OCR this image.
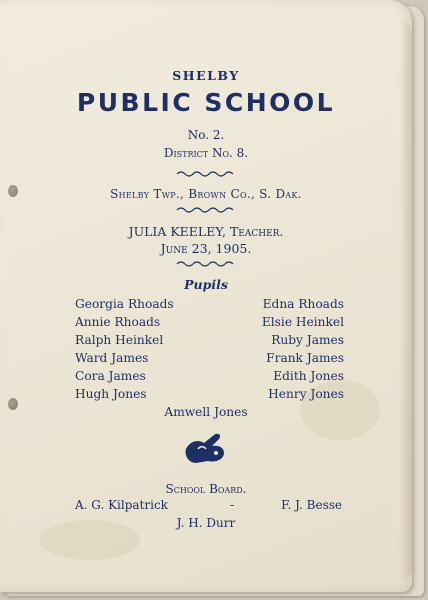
SHELBY

PUBLIC SCHOOL

No. 2.

District No. 8.

Shelby Twp., Brown Co., S. Dak.

JULIA KEELEY, Teacher.

June 23, 1905.

Pupils

Georgia Rhoads

Annie Rhoads

Ralph Heinkel

Ward James

Cora James

Hugh Jones

Edna Rhoads

Elsie Heinkel

Ruby James

Frank James

Edith Jones

Henry Jones

Amwell Jones

School Board.

A. G. Kilpatrick	-	F. J. Besse

J. H. Durr
